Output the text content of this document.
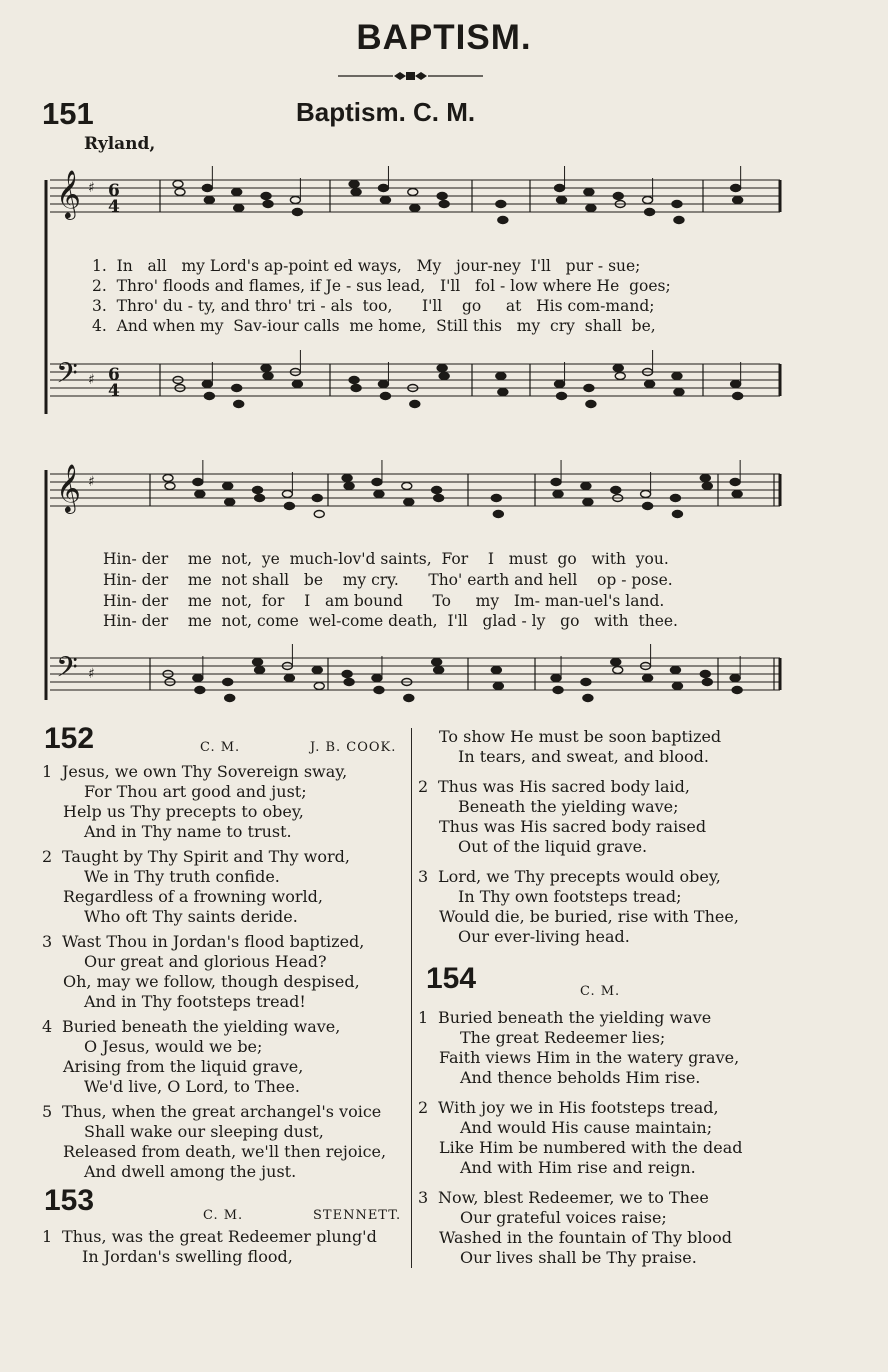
BAPTISM.
151	Baptism. C. M.
Ryland,
𝄞 ♯ 6
4
𝄢 ♯ 6
4
𝄞 ♯
𝄢 ♯
1.  In   all   my Lord's ap-point ed ways,   My   jour-ney  I'll   pur - sue;
2.  Thro' floods and flames, if Je - sus lead,   I'll   fol - low where He  goes;
3.  Thro' du - ty, and thro' tri - als  too,      I'll    go     at   His com-mand;
4.  And when my  Sav-iour calls  me home,  Still this   my  cry  shall  be,
Hin- der    me  not,  ye  much-lov'd saints,  For    I   must  go   with  you.
Hin- der    me  not shall   be    my cry.      Tho' earth and hell    op - pose.
Hin- der    me  not,  for    I   am bound      To     my   Im- man-uel's land.
Hin- der    me  not, come  wel-come death,  I'll   glad - ly   go   with  thee.
152	C. M.	J. B. COOK.
1 Jesus, we own Thy Sovereign sway,
For Thou art good and just;
Help us Thy precepts to obey,
And in Thy name to trust.
2 Taught by Thy Spirit and Thy word,
We in Thy truth confide.
Regardless of a frowning world,
Who oft Thy saints deride.
3 Wast Thou in Jordan's flood baptized,
Our great and glorious Head?
Oh, may we follow, though despised,
And in Thy footsteps tread!
4 Buried beneath the yielding wave,
O Jesus, would we be;
Arising from the liquid grave,
We'd live, O Lord, to Thee.
5 Thus, when the great archangel's voice
Shall wake our sleeping dust,
Released from death, we'll then rejoice,
And dwell among the just.
153	C. M.	STENNETT.
1 Thus, was the great Redeemer plung'd
In Jordan's swelling flood,
To show He must be soon baptized
In tears, and sweat, and blood.
2 Thus was His sacred body laid,
Beneath the yielding wave;
Thus was His sacred body raised
Out of the liquid grave.
3 Lord, we Thy precepts would obey,
In Thy own footsteps tread;
Would die, be buried, rise with Thee,
Our ever-living head.
154	C. M.
1 Buried beneath the yielding wave
The great Redeemer lies;
Faith views Him in the watery grave,
And thence beholds Him rise.
2 With joy we in His footsteps tread,
And would His cause maintain;
Like Him be numbered with the dead
And with Him rise and reign.
3 Now, blest Redeemer, we to Thee
Our grateful voices raise;
Washed in the fountain of Thy blood
Our lives shall be Thy praise.
